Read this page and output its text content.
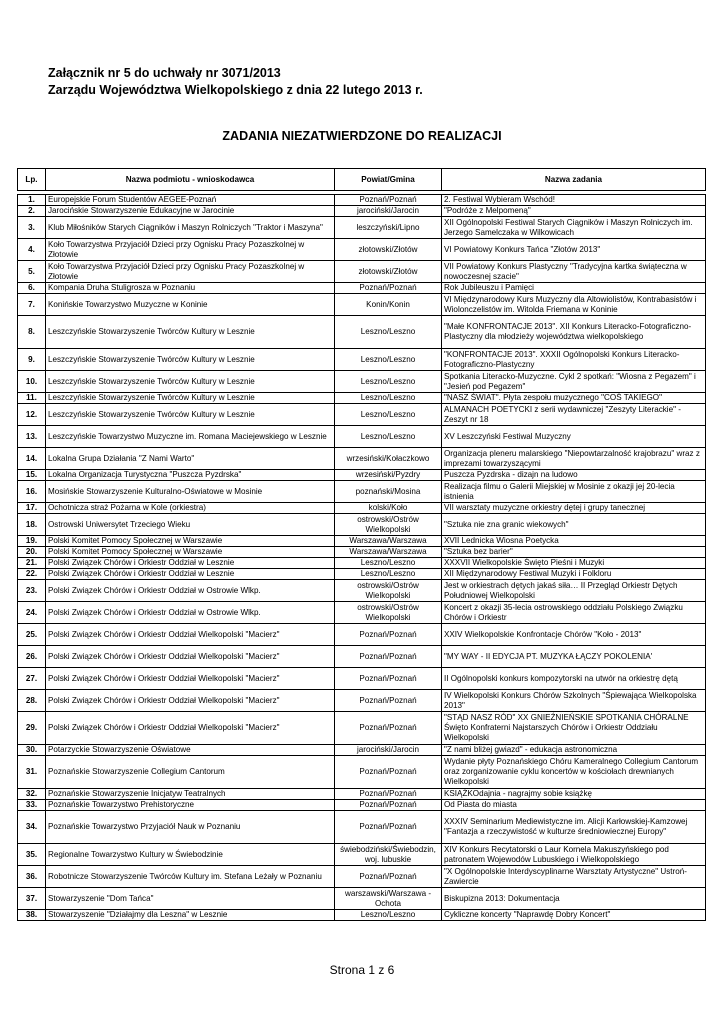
Załącznik nr 5 do uchwały nr 3071/2013
Zarządu Województwa Wielkopolskiego z dnia 22 lutego 2013 r.
ZADANIA NIEZATWIERDZONE DO REALIZACJI
Lp.	Nazwa podmiotu - wnioskodawca	Powiat/Gmina	Nazwa zadania

1.	Europejskie Forum Studentów AEGEE-Poznań	Poznań/Poznań	2. Festiwal Wybieram Wschód!
2.	Jarocińskie Stowarzyszenie Edukacyjne w Jarocinie	jarociński/Jarocin	"Podróże z Melpomeną"
3.	Klub Miłośników Starych Ciągników i Maszyn Rolniczych "Traktor i Maszyna"	leszczyński/Lipno	XII Ogólnopolski Festiwal Starych Ciągników i Maszyn Rolniczych im. Jerzego Samelczaka w Wilkowicach
4.	Koło Towarzystwa Przyjaciół Dzieci przy Ognisku Pracy Pozaszkolnej w Złotowie	złotowski/Złotów	VI Powiatowy Konkurs Tańca "Złotów 2013"
5.	Koło Towarzystwa Przyjaciół Dzieci przy Ognisku Pracy Pozaszkolnej w Złotowie	złotowski/Złotów	VII Powiatowy Konkurs Plastyczny "Tradycyjna kartka świąteczna w nowoczesnej szacie"
6.	Kompania Druha Stuligrosza w Poznaniu	Poznań/Poznań	Rok Jubileuszu i Pamięci
7.	Konińskie Towarzystwo Muzyczne w Koninie	Konin/Konin	VI Międzynarodowy Kurs Muzyczny dla Altowiolistów, Kontrabasistów i Wiolonczelistów im. Witolda Friemana w Koninie
8.	Leszczyńskie Stowarzyszenie Twórców Kultury w Lesznie	Leszno/Leszno	"Małe KONFRONTACJE 2013". XII Konkurs Literacko-Fotograficzno-Plastyczny dla młodzieży województwa wielkopolskiego
9.	Leszczyńskie Stowarzyszenie Twórców Kultury w Lesznie	Leszno/Leszno	"KONFRONTACJE 2013". XXXII Ogólnopolski Konkurs Literacko-Fotograficzno-Plastyczny
10.	Leszczyńskie Stowarzyszenie Twórców Kultury w Lesznie	Leszno/Leszno	Spotkania Literacko-Muzyczne. Cykl 2 spotkań: "Wiosna z Pegazem" i "Jesień pod Pegazem"
11.	Leszczyńskie Stowarzyszenie Twórców Kultury w Lesznie	Leszno/Leszno	"NASZ ŚWIAT". Płyta zespołu muzycznego "COŚ TAKIEGO"
12.	Leszczyńskie Stowarzyszenie Twórców Kultury w Lesznie	Leszno/Leszno	ALMANACH POETYCKI z serii wydawniczej "Zeszyty Literackie" - Zeszyt nr 18
13.	Leszczyńskie Towarzystwo Muzyczne im. Romana Maciejewskiego w Lesznie	Leszno/Leszno	XV Leszczyński Festiwal Muzyczny
14.	Lokalna Grupa Działania "Z Nami Warto"	wrzesiński/Kołaczkowo	Organizacja pleneru malarskiego "Niepowtarzalność krajobrazu" wraz z imprezami towarzyszącymi
15.	Lokalna Organizacja Turystyczna "Puszcza Pyzdrska"	wrzesiński/Pyzdry	Puszcza Pyzdrska - dizajn na ludowo
16.	Mosińskie Stowarzyszenie Kulturalno-Oświatowe w Mosinie	poznański/Mosina	Realizacja filmu o Galerii Miejskiej w Mosinie z okazji jej 20-lecia istnienia
17.	Ochotnicza straż Pożarna w Kole (orkiestra)	kolski/Koło	VII warsztaty muzyczne orkiestry dętej i grupy tanecznej
18.	Ostrowski Uniwersytet Trzeciego Wieku	ostrowski/Ostrów Wielkopolski	"Sztuka nie zna granic wiekowych"
19.	Polski Komitet Pomocy Społecznej w Warszawie	Warszawa/Warszawa	XVII Lednicka Wiosna Poetycka
20.	Polski Komitet Pomocy Społecznej w Warszawie	Warszawa/Warszawa	"Sztuka bez barier"
21.	Polski Związek Chórów i Orkiestr Oddział w Lesznie	Leszno/Leszno	XXXVII Wielkopolskie Święto Pieśni i Muzyki
22.	Polski Związek Chórów i Orkiestr Oddział w Lesznie	Leszno/Leszno	XII Międzynarodowy Festiwal Muzyki i Folkloru
23.	Polski Związek Chórów i Orkiestr Oddział w Ostrowie Wlkp.	ostrowski/Ostrów Wielkopolski	Jest w orkiestrach dętych jakaś siła… II Przegląd Orkiestr Dętych Południowej Wielkopolski
24.	Polski Związek Chórów i Orkiestr Oddział w Ostrowie Wlkp.	ostrowski/Ostrów Wielkopolski	Koncert z okazji 35-lecia ostrowskiego oddziału Polskiego Związku Chórów i Orkiestr
25.	Polski Związek Chórów i Orkiestr Oddział Wielkopolski "Macierz"	Poznań/Poznań	XXIV Wielkopolskie Konfrontacje Chórów "Koło - 2013"
26.	Polski Związek Chórów i Orkiestr Oddział Wielkopolski "Macierz"	Poznań/Poznań	"MY WAY - II EDYCJA PT. MUZYKA ŁĄCZY POKOLENIA'
27.	Polski Związek Chórów i Orkiestr Oddział Wielkopolski "Macierz"	Poznań/Poznań	II Ogólnopolski konkurs kompozytorski na utwór na orkiestrę dętą
28.	Polski Związek Chórów i Orkiestr Oddział Wielkopolski "Macierz"	Poznań/Poznań	IV Wielkopolski Konkurs Chórów Szkolnych "Śpiewająca Wielkopolska 2013"
29.	Polski Związek Chórów i Orkiestr Oddział Wielkopolski "Macierz"	Poznań/Poznań	"STĄD NASZ RÓD" XX GNIEŹNIEŃSKIE SPOTKANIA CHÓRALNE Święto Konfraterni Najstarszych Chórów i Orkiestr Oddziału Wielkopolski
30.	Potarzyckie Stowarzyszenie Oświatowe	jarociński/Jarocin	"Z nami bliżej gwiazd" - edukacja astronomiczna
31.	Poznańskie Stowarzyszenie Collegium Cantorum	Poznań/Poznań	Wydanie płyty Poznańskiego Chóru Kameralnego Collegium Cantorum oraz zorganizowanie cyklu koncertów w kościołach drewnianych Wielkopolski
32.	Poznańskie Stowarzyszenie Inicjatyw Teatralnych	Poznań/Poznań	KSIĄŻKOdajnia - nagrajmy sobie książkę
33.	Poznańskie Towarzystwo Prehistoryczne	Poznań/Poznań	Od Piasta do miasta
34.	Poznańskie Towarzystwo Przyjaciół Nauk w Poznaniu	Poznań/Poznań	XXXIV Seminarium Mediewistyczne im. Alicji Karłowskiej-Kamzowej "Fantazja a rzeczywistość w kulturze średniowiecznej Europy"
35.	Regionalne Towarzystwo Kultury w Świebodzinie	świebodziński/Świebodzin, woj. lubuskie	XIV Konkurs Recytatorski o Laur Kornela Makuszyńskiego pod patronatem Wojewodów Lubuskiego i Wielkopolskiego
36.	Robotnicze Stowarzyszenie Twórców Kultury im. Stefana Leżały w Poznaniu	Poznań/Poznań	"X Ogólnopolskie Interdyscyplinarne Warsztaty Artystyczne" Ustroń-Zawiercie
37.	Stowarzyszenie "Dom Tańca"	warszawski/Warszawa - Ochota	Biskupizna 2013: Dokumentacja
38.	Stowarzyszenie "Działajmy dla Leszna" w Lesznie	Leszno/Leszno	Cykliczne koncerty "Naprawdę Dobry Koncert"
Strona 1 z 6
